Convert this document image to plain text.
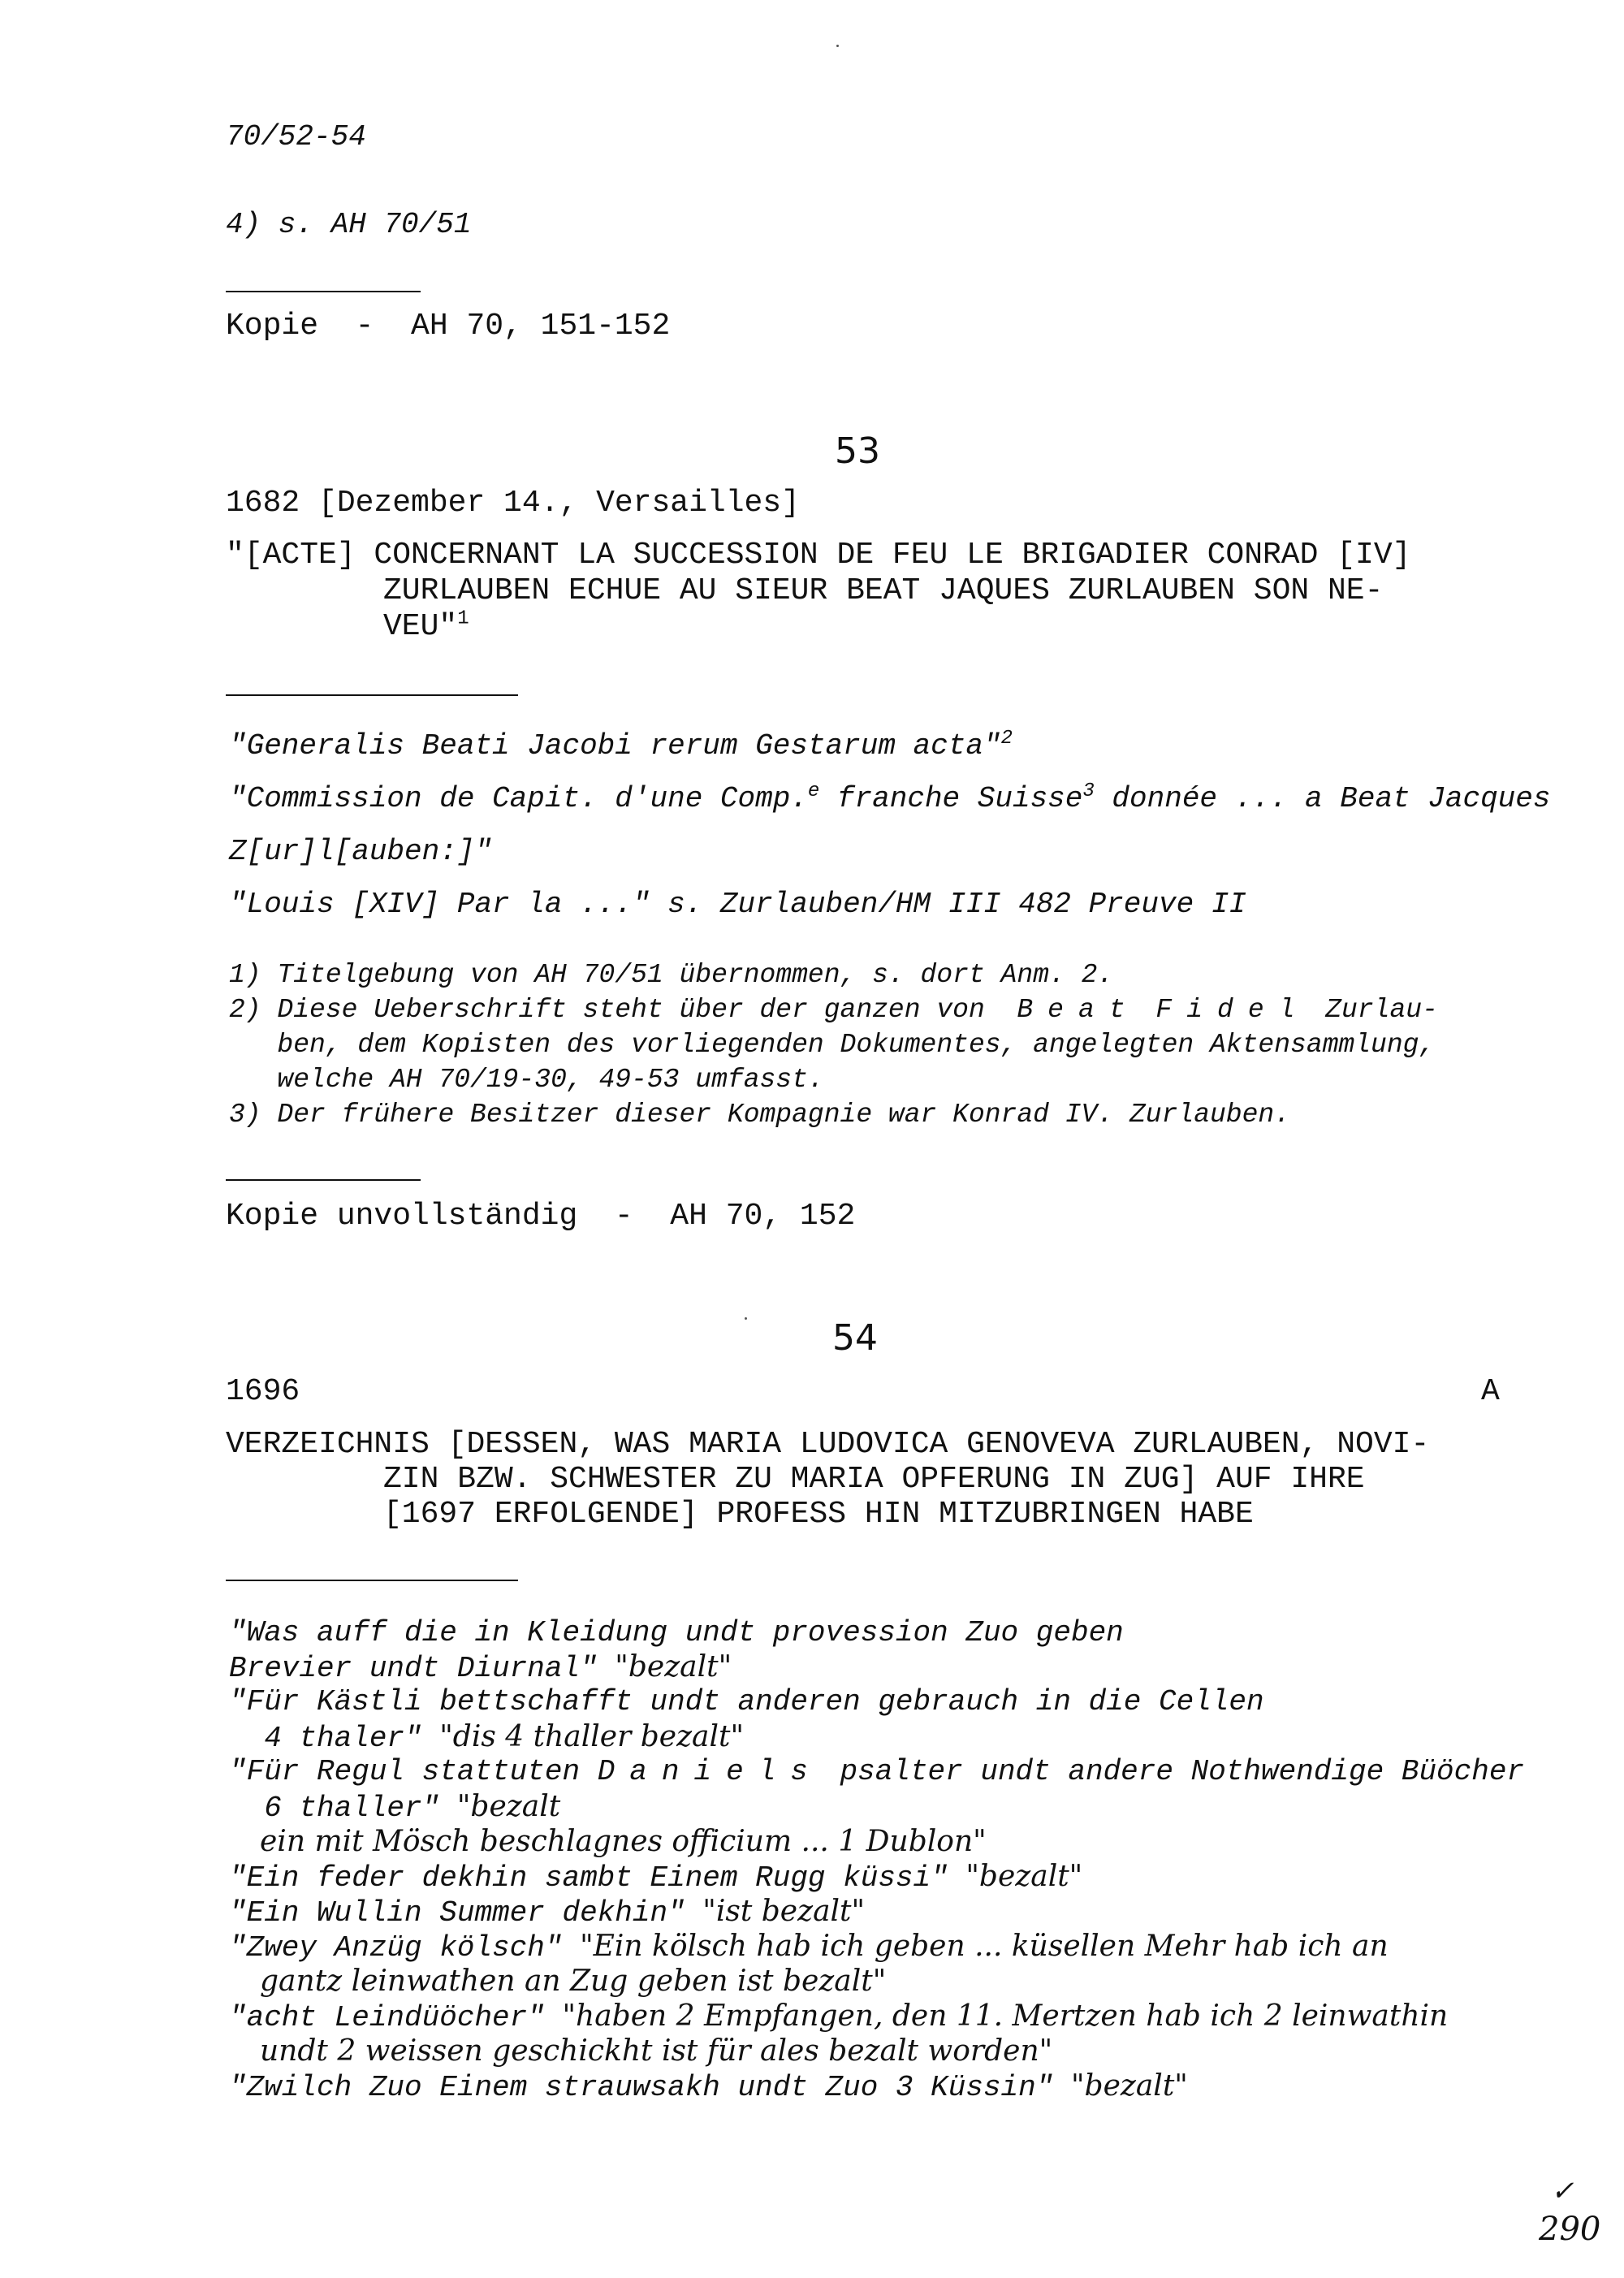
70/52-54
4) s. AH 70/51
Kopie  -  AH 70, 151-152
53
1682 [Dezember 14., Versailles]
"[ACTE] CONCERNANT LA SUCCESSION DE FEU LE BRIGADIER CONRAD [IV]
ZURLAUBEN ECHUE AU SIEUR BEAT JAQUES ZURLAUBEN SON NE-
VEU"$^1$
"Generalis Beati Jacobi rerum Gestarum acta"$^2$
"Commission de Capit. d'une Comp.$^e$ franche Suisse$^3$ donnée ... a Beat Jacques
Z[ur]l[auben:]"
"Louis [XIV] Par la ..." s. Zurlauben/HM III 482 Preuve II
1) Titelgebung von AH 70/51 übernommen, s. dort Anm. 2.
2) Diese Ueberschrift steht über der ganzen von Beat Fidel Zurlau-
ben, dem Kopisten des vorliegenden Dokumentes, angelegten Aktensammlung,
welche AH 70/19-30, 49-53 umfasst.
3) Der frühere Besitzer dieser Kompagnie war Konrad IV. Zurlauben.
Kopie unvollständig  -  AH 70, 152
54
1696	A
VERZEICHNIS [DESSEN, WAS MARIA LUDOVICA GENOVEVA ZURLAUBEN, NOVI-
ZIN BZW. SCHWESTER ZU MARIA OPFERUNG IN ZUG] AUF IHRE
[1697 ERFOLGENDE] PROFESS HIN MITZUBRINGEN HABE
"Was auff die in Kleidung undt provession Zuo geben
Brevier undt Diurnal" "bezalt"
"Für Kästli bettschafft undt anderen gebrauch in die Cellen
4 thaler" "dis 4 thaller bezalt"
"Für Regul stattuten Daniels psalter undt andere Nothwendige Büöcher
6 thaller" "bezalt
ein mit Mösch beschlagnes officium ... 1 Dublon"
"Ein feder dekhin sambt Einem Rugg küssi" "bezalt"
"Ein Wullin Summer dekhin" "ist bezalt"
"Zwey Anzüg kölsch" "Ein kölsch hab ich geben ... küsellen Mehr hab ich an
gantz leinwathen an Zug geben ist bezalt"
"acht Leindüöcher" "haben 2 Empfangen, den 11. Mertzen hab ich 2 leinwathin
undt 2 weissen geschickht ist für ales bezalt worden"
"Zwilch Zuo Einem strauwsakh undt Zuo 3 Küssin" "bezalt"
✓
290
